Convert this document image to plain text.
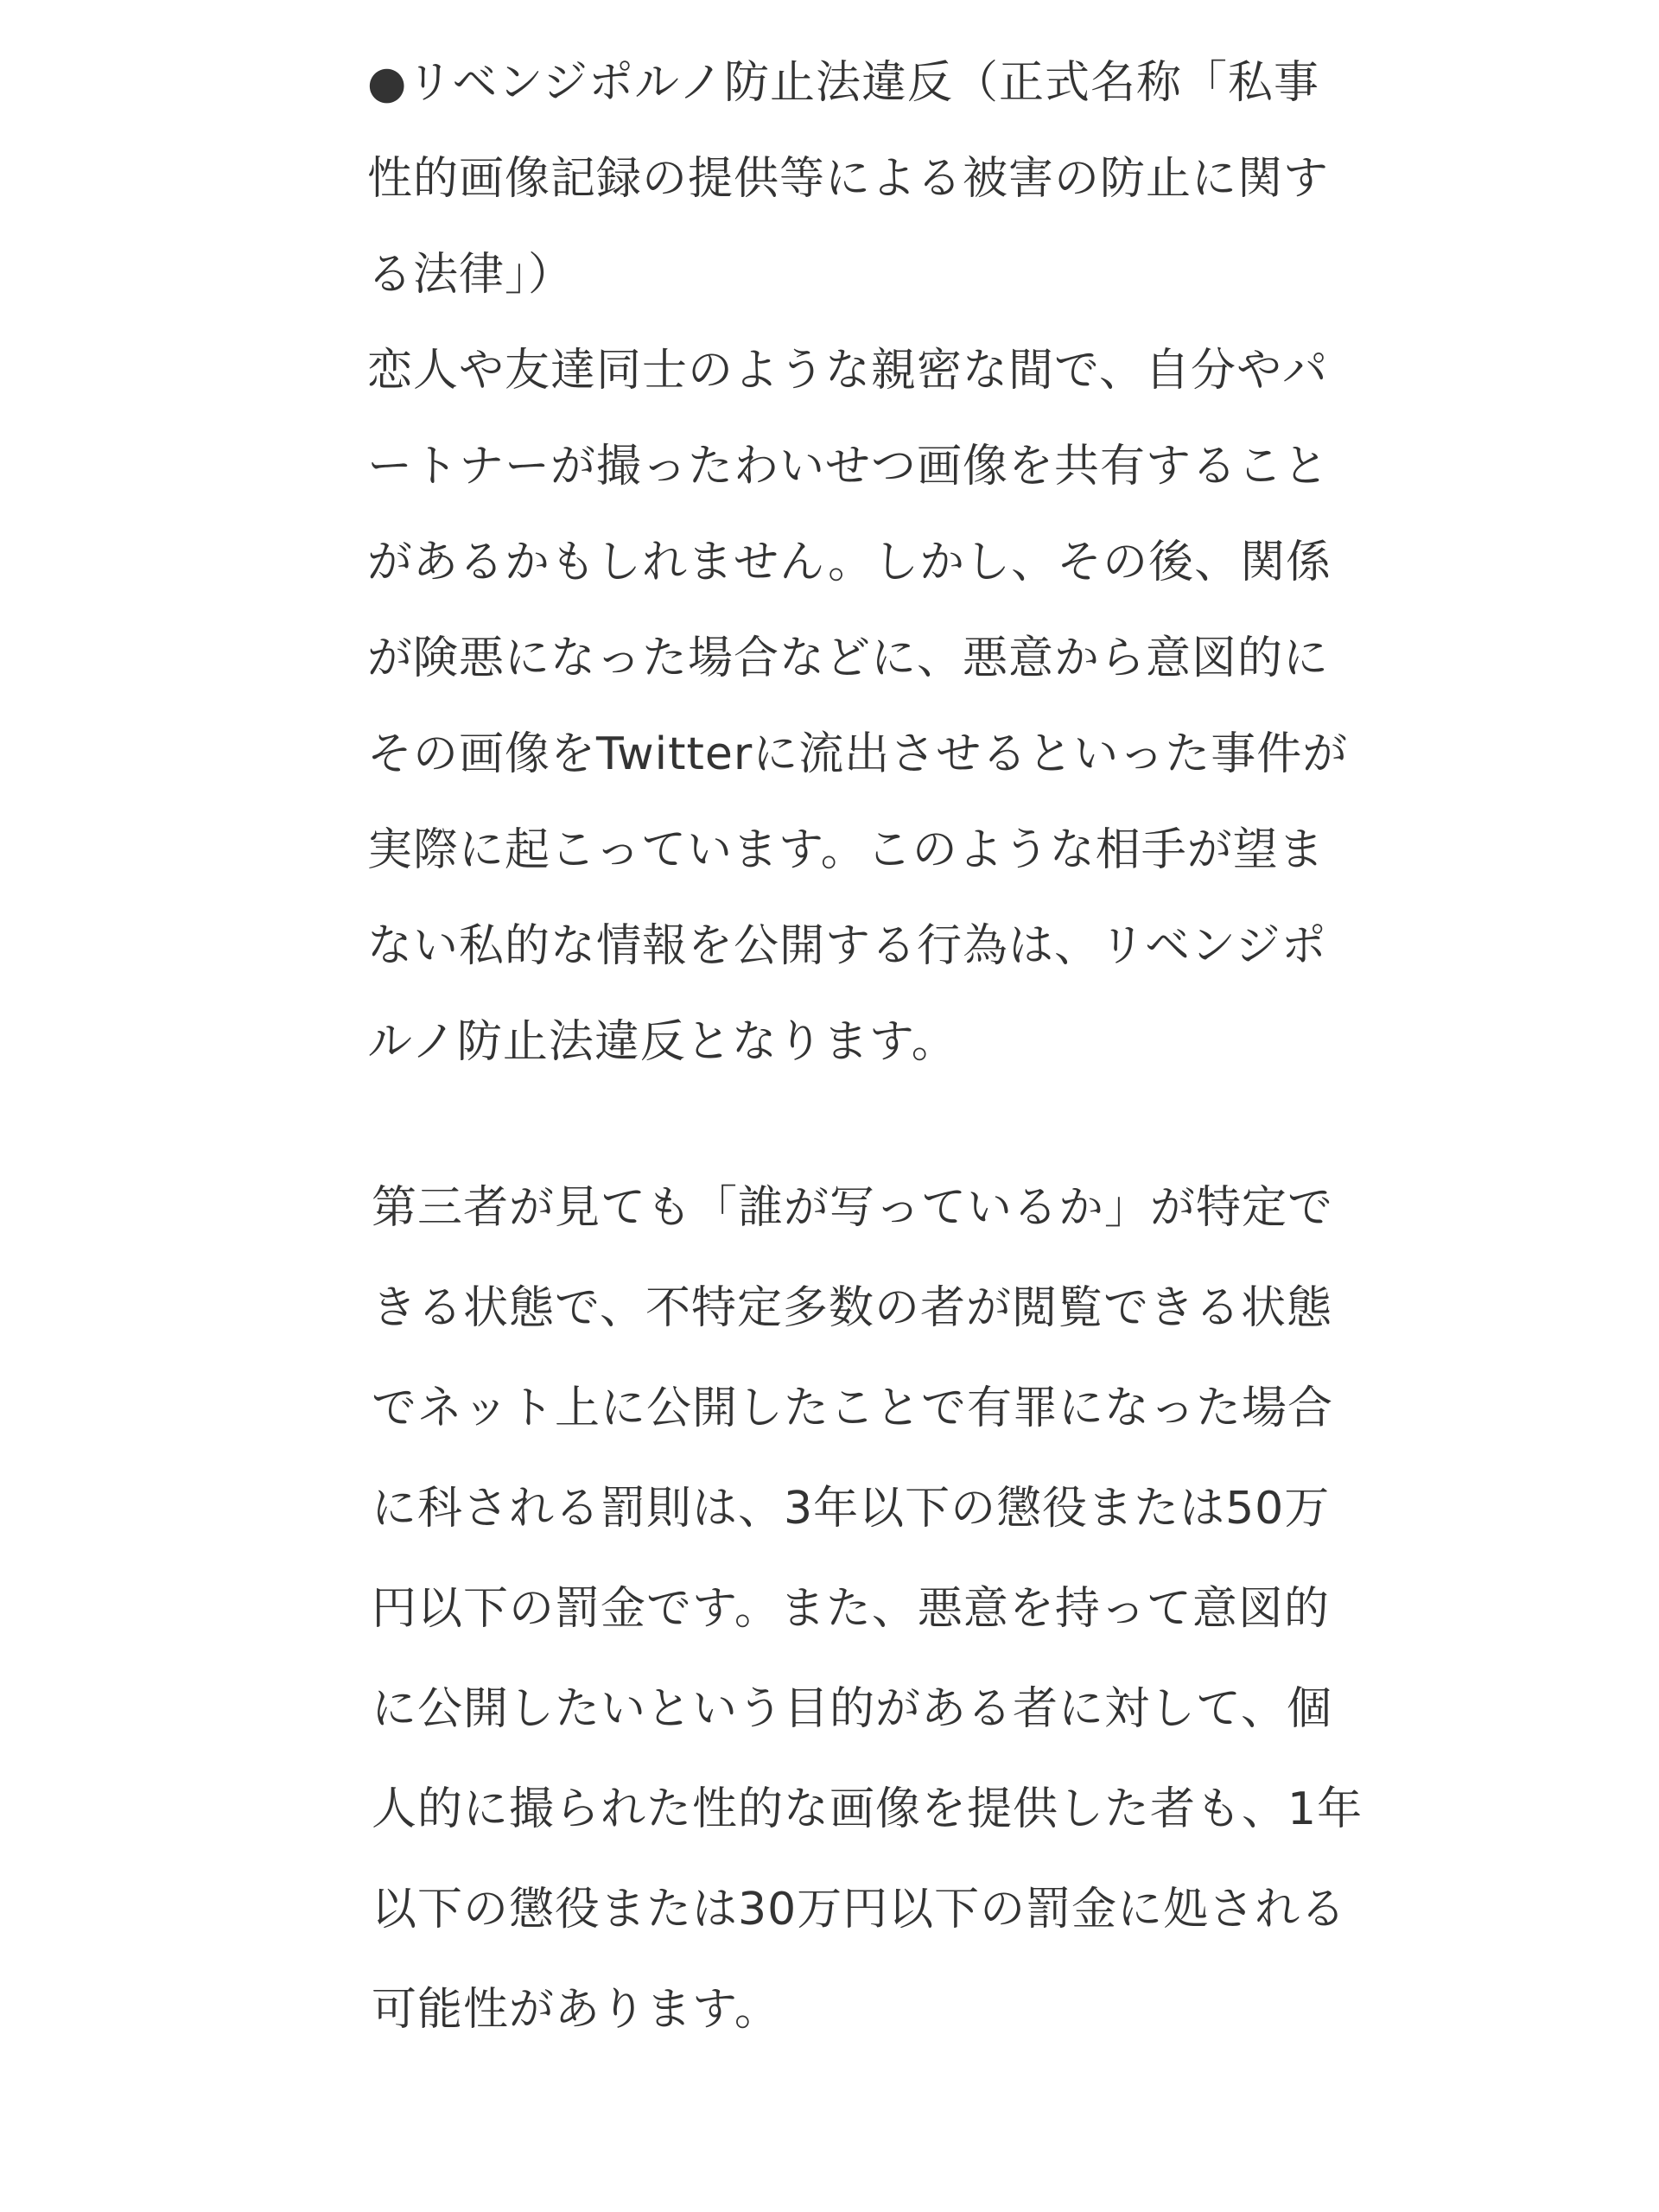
●リベンジポルノ防止法違反（正式名称「私事
性的画像記録の提供等による被害の防止に関す
る法律」）
恋人や友達同士のような親密な間で、自分やパ
ートナーが撮ったわいせつ画像を共有すること
があるかもしれません。しかし、その後、関係
が険悪になった場合などに、悪意から意図的に
その画像をTwitterに流出させるといった事件が
実際に起こっています。このような相手が望ま
ない私的な情報を公開する行為は、リベンジポ
ルノ防止法違反となります。
第三者が見ても「誰が写っているか」が特定で
きる状態で、不特定多数の者が閲覧できる状態
でネット上に公開したことで有罪になった場合
に科される罰則は、3年以下の懲役または50万
円以下の罰金です。また、悪意を持って意図的
に公開したいという目的がある者に対して、個
人的に撮られた性的な画像を提供した者も、1年
以下の懲役または30万円以下の罰金に処される
可能性があります。
